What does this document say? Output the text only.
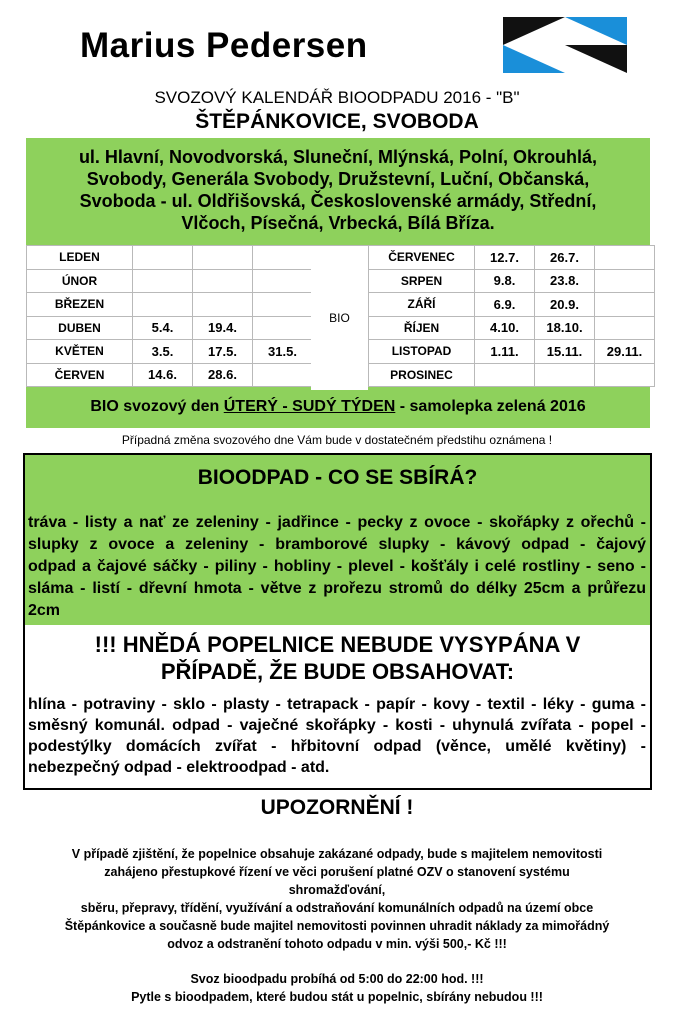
Marius Pedersen
SVOZOVÝ KALENDÁŘ BIOODPADU 2016 - "B"
ŠTĚPÁNKOVICE, SVOBODA
ul. Hlavní, Novodvorská, Sluneční, Mlýnská, Polní, Okrouhlá,
Svobody, Generála Svobody, Družstevní, Luční, Občanská,
Svoboda - ul. Oldřišovská, Československé armády, Střední,
Vlčoch, Písečná, Vrbecká, Bílá Bříza.
LEDEN			
ÚNOR			
BŘEZEN			
DUBEN	5.4.	19.4.	
KVĚTEN	3.5.	17.5.	31.5.
ČERVEN	14.6.	28.6.	
BIO
ČERVENEC	12.7.	26.7.	
SRPEN	9.8.	23.8.	
ZÁŘÍ	6.9.	20.9.	
ŘÍJEN	4.10.	18.10.	
LISTOPAD	1.11.	15.11.	29.11.
PROSINEC			
BIO svozový den ÚTERÝ - SUDÝ TÝDEN - samolepka zelená 2016
Případná změna svozového dne Vám bude v dostatečném předstihu oznámena !
BIOODPAD - CO SE SBÍRÁ?
tráva - listy a nať ze zeleniny - jadřince - pecky z ovoce - skořápky z ořechů -
slupky z ovoce a zeleniny - bramborové slupky - kávový odpad - čajový
odpad a čajové sáčky - piliny - hobliny - plevel - košťály i celé rostliny - seno -
sláma - listí - dřevní hmota - větve z prořezu stromů do délky 25cm a průřezu
2cm
!!! HNĚDÁ POPELNICE NEBUDE VYSYPÁNA V
PŘÍPADĚ, ŽE BUDE OBSAHOVAT:
hlína - potraviny - sklo - plasty - tetrapack - papír - kovy - textil - léky - guma -
směsný komunál. odpad - vaječné skořápky - kosti - uhynulá zvířata - popel -
podestýlky domácích zvířat - hřbitovní odpad (věnce, umělé květiny) -
nebezpečný odpad - elektroodpad - atd.
UPOZORNĚNÍ !
V případě zjištění, že popelnice obsahuje zakázané odpady, bude s majitelem nemovitosti
zahájeno přestupkové řízení ve věci porušení platné OZV o stanovení systému shromažďování,
sběru, přepravy, třídění, využívání a odstraňování komunálních odpadů na území obce
Štěpánkovice a současně bude majitel nemovitosti povinnen uhradit náklady za mimořádný
odvoz a odstranění tohoto odpadu v min. výši 500,- Kč !!!
Svoz bioodpadu probíhá od 5:00 do 22:00 hod. !!!
Pytle s bioodpadem, které budou stát u popelnic, sbírány nebudou !!!
